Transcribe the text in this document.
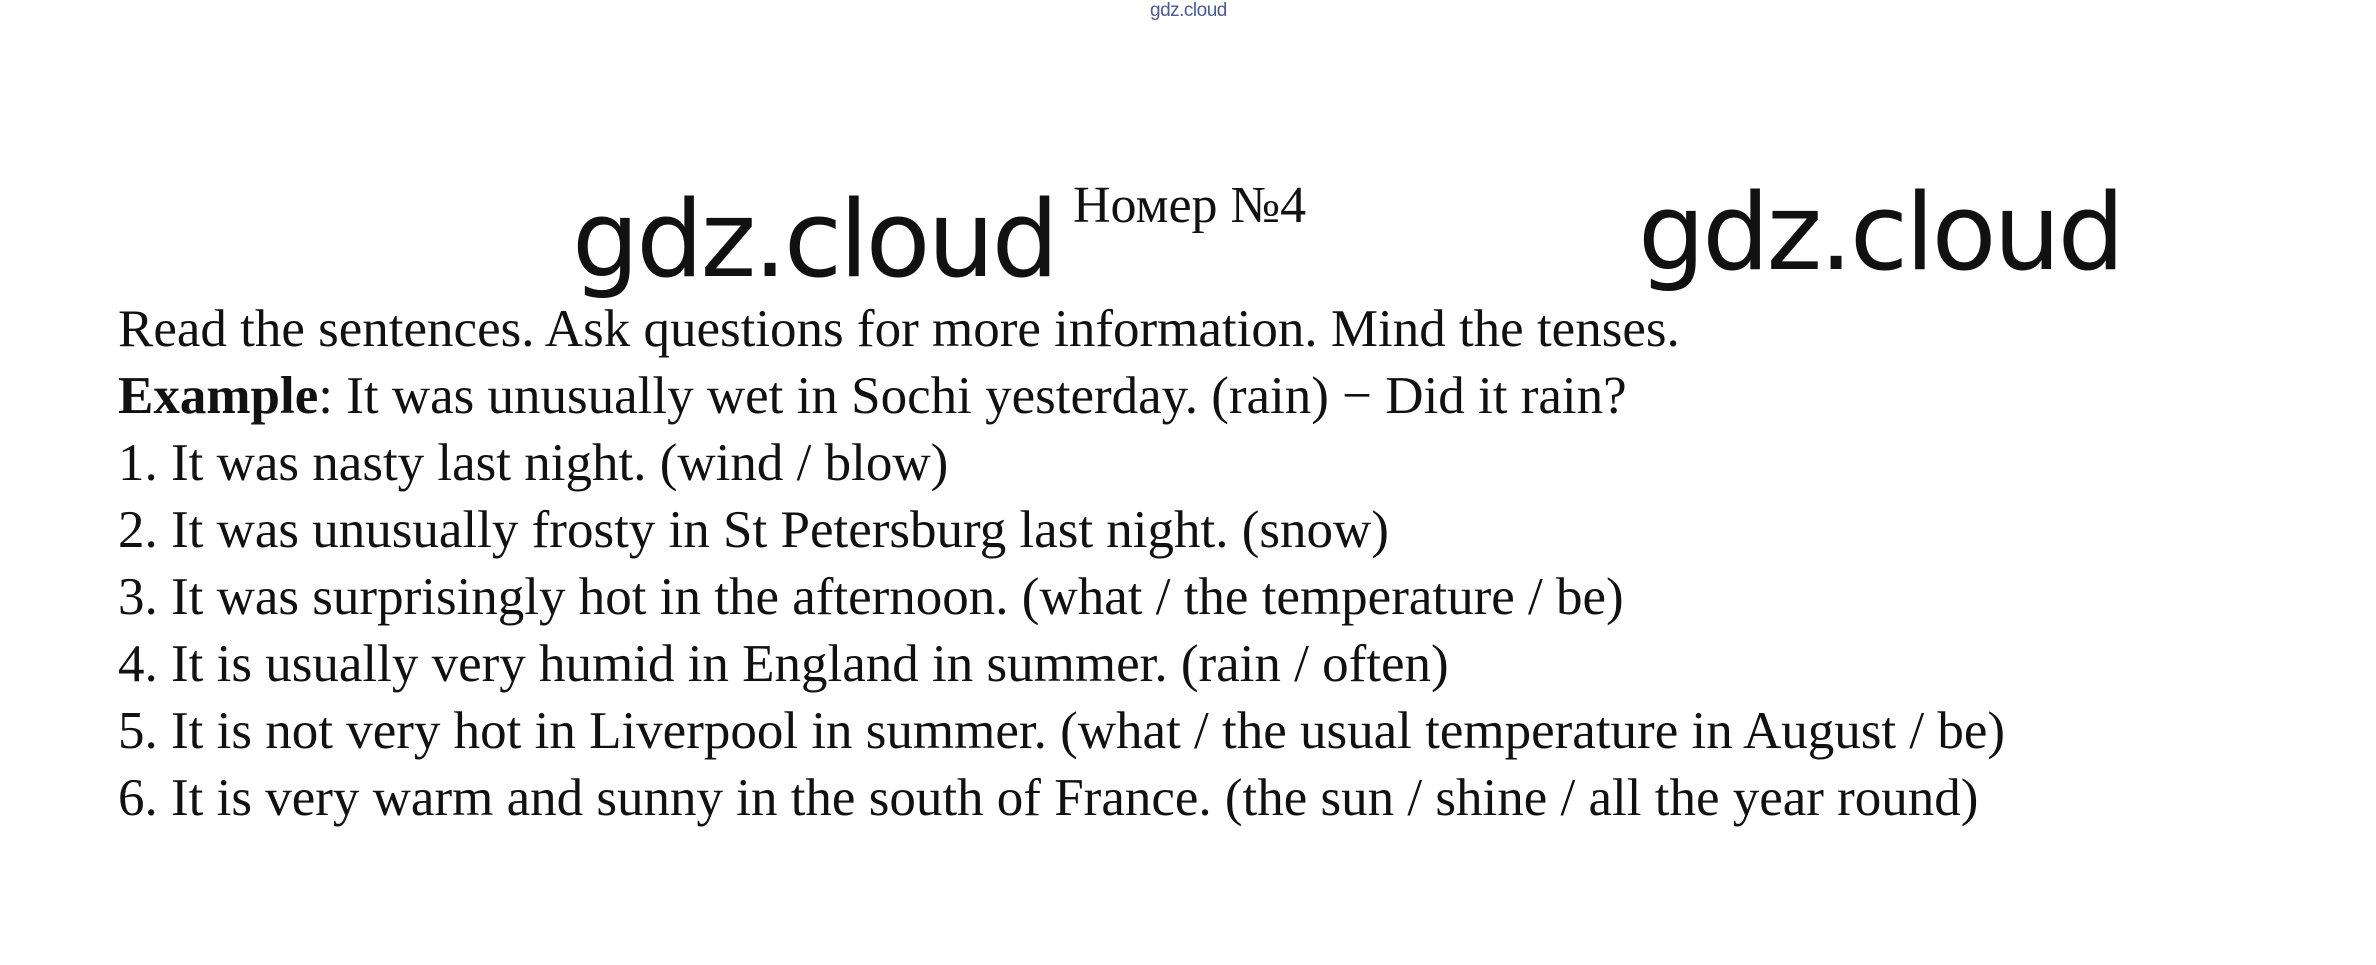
gdz.cloud
gdz.cloud	gdz.cloud
Номер №4
Read the sentences. Ask questions for more information. Mind the tenses.
Example: It was unusually wet in Sochi yesterday. (rain) − Did it rain?
1. It was nasty last night. (wind / blow)
2. It was unusually frosty in St Petersburg last night. (snow)
3. It was surprisingly hot in the afternoon. (what / the temperature / be)
4. It is usually very humid in England in summer. (rain / often)
5. It is not very hot in Liverpool in summer. (what / the usual temperature in August / be)
6. It is very warm and sunny in the south of France. (the sun / shine / all the year round)
